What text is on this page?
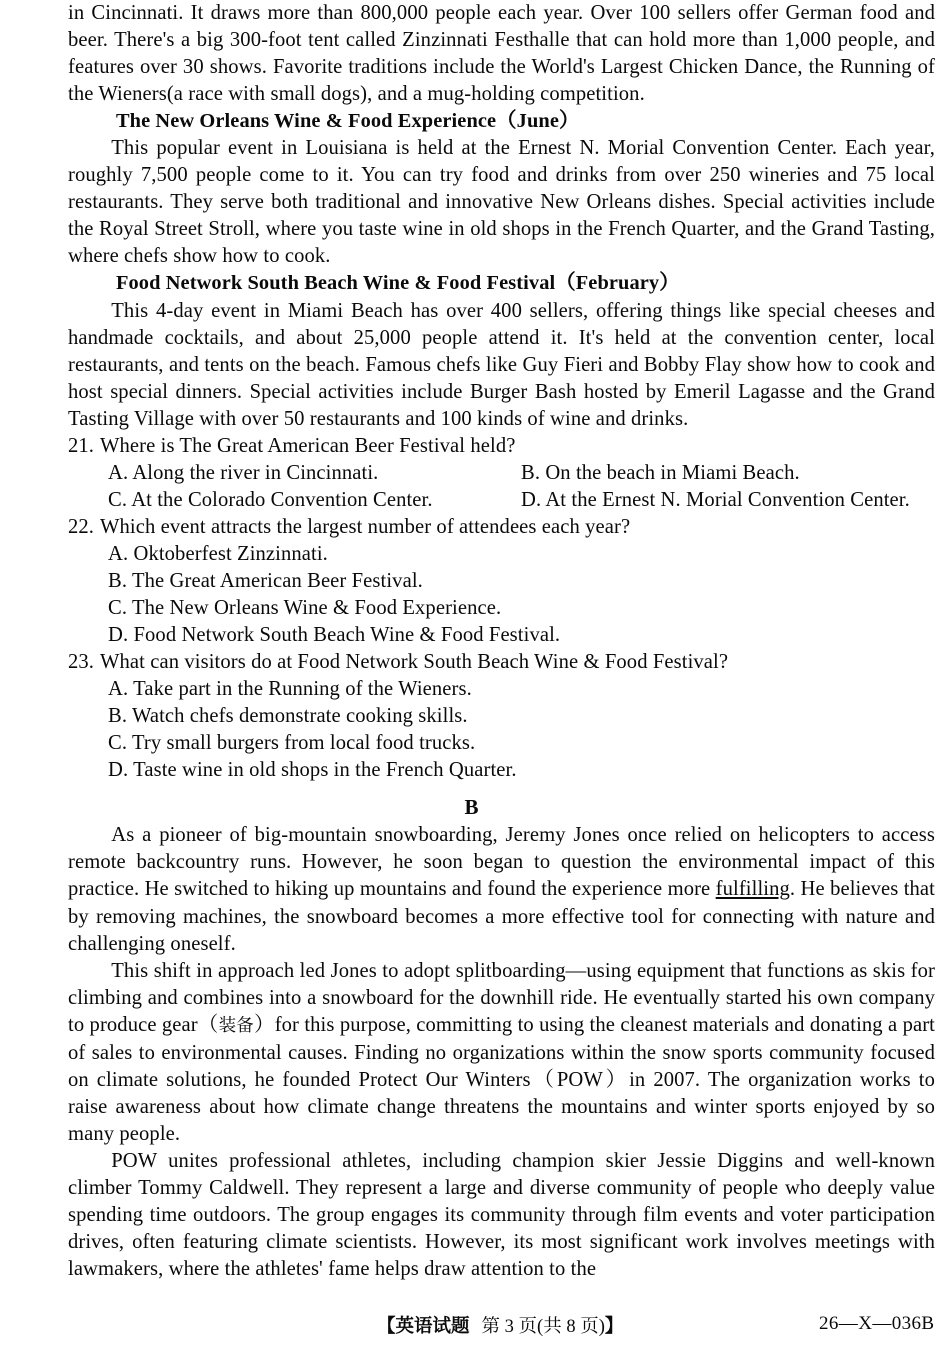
in Cincinnati. It draws more than 800,000 people each year. Over 100 sellers offer German food and beer. There's a big 300-foot tent called Zinzinnati Festhalle that can hold more than 1,000 people, and features over 30 shows. Favorite traditions include the World's Largest Chicken Dance, the Running of the Wieners(a race with small dogs), and a mug-holding competition.

The New Orleans Wine & Food Experience（June）

This popular event in Louisiana is held at the Ernest N. Morial Convention Center. Each year, roughly 7,500 people come to it. You can try food and drinks from over 250 wineries and 75 local restaurants. They serve both traditional and innovative New Orleans dishes. Special activities include the Royal Street Stroll, where you taste wine in old shops in the French Quarter, and the Grand Tasting, where chefs show how to cook.

Food Network South Beach Wine & Food Festival（February）

This 4-day event in Miami Beach has over 400 sellers, offering things like special cheeses and handmade cocktails, and about 25,000 people attend it. It's held at the convention center, local restaurants, and tents on the beach. Famous chefs like Guy Fieri and Bobby Flay show how to cook and host special dinners. Special activities include Burger Bash hosted by Emeril Lagasse and the Grand Tasting Village with over 50 restaurants and 100 kinds of wine and drinks.

21. Where is The Great American Beer Festival held?

A. Along the river in Cincinnati.	B. On the beach in Miami Beach.
C. At the Colorado Convention Center.	D. At the Ernest N. Morial Convention Center.

22. Which event attracts the largest number of attendees each year?

A. Oktoberfest Zinzinnati.

B. The Great American Beer Festival.

C. The New Orleans Wine & Food Experience.

D. Food Network South Beach Wine & Food Festival.

23. What can visitors do at Food Network South Beach Wine & Food Festival?

A. Take part in the Running of the Wieners.

B. Watch chefs demonstrate cooking skills.

C. Try small burgers from local food trucks.

D. Taste wine in old shops in the French Quarter.

B

As a pioneer of big-mountain snowboarding, Jeremy Jones once relied on helicopters to access remote backcountry runs. However, he soon began to question the environmental impact of this practice. He switched to hiking up mountains and found the experience more fulfilling. He believes that by removing machines, the snowboard becomes a more effective tool for connecting with nature and challenging oneself.

This shift in approach led Jones to adopt splitboarding—using equipment that functions as skis for climbing and combines into a snowboard for the downhill ride. He eventually started his own company to produce gear（装备）for this purpose, committing to using the cleanest materials and donating a part of sales to environmental causes. Finding no organizations within the snow sports community focused on climate solutions, he founded Protect Our Winters（POW）in 2007. The organization works to raise awareness about how climate change threatens the mountains and winter sports enjoyed by so many people.

POW unites professional athletes, including champion skier Jessie Diggins and well-known climber Tommy Caldwell. They represent a large and diverse community of people who deeply value spending time outdoors. The group engages its community through film events and voter participation drives, often featuring climate scientists. However, its most significant work involves meetings with lawmakers, where the athletes' fame helps draw attention to the

【英语试题 第 3 页(共 8 页)】	26—X—036B
